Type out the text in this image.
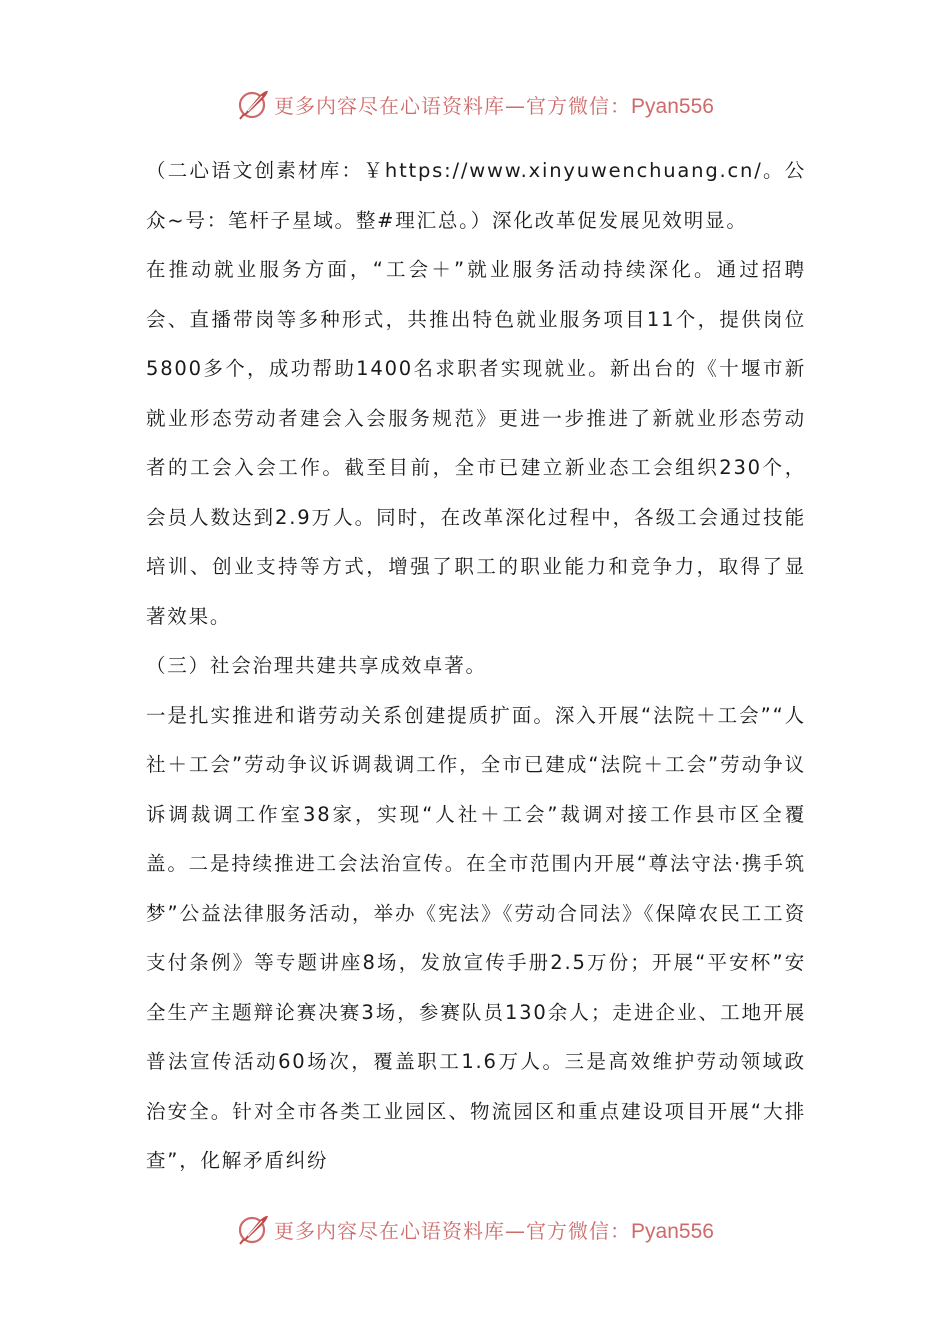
更多内容尽在心语资料库—官方微信：Pyan556

（二心语文创素材库：￥https://www.xinyuwenchuang.cn/。公众~号：笔杆子星域。整#理汇总。）深化改革促发展见效明显。

在推动就业服务方面，“工会＋”就业服务活动持续深化。通过招聘会、直播带岗等多种形式，共推出特色就业服务项目11个，提供岗位5800多个，成功帮助1400名求职者实现就业。新出台的《十堰市新就业形态劳动者建会入会服务规范》更进一步推进了新就业形态劳动者的工会入会工作。截至目前，全市已建立新业态工会组织230个，会员人数达到2.9万人。同时，在改革深化过程中，各级工会通过技能培训、创业支持等方式，增强了职工的职业能力和竞争力，取得了显著效果。

（三）社会治理共建共享成效卓著。

一是扎实推进和谐劳动关系创建提质扩面。深入开展“法院＋工会”“人社＋工会”劳动争议诉调裁调工作，全市已建成“法院＋工会”劳动争议诉调裁调工作室38家，实现“人社＋工会”裁调对接工作县市区全覆盖。二是持续推进工会法治宣传。在全市范围内开展“尊法守法·携手筑梦”公益法律服务活动，举办《宪法》《劳动合同法》《保障农民工工资支付条例》等专题讲座8场，发放宣传手册2.5万份；开展“平安杯”安全生产主题辩论赛决赛3场，参赛队员130余人；走进企业、工地开展普法宣传活动60场次，覆盖职工1.6万人。三是高效维护劳动领域政治安全。针对全市各类工业园区、物流园区和重点建设项目开展“大排查”，化解矛盾纠纷

更多内容尽在心语资料库—官方微信：Pyan556
